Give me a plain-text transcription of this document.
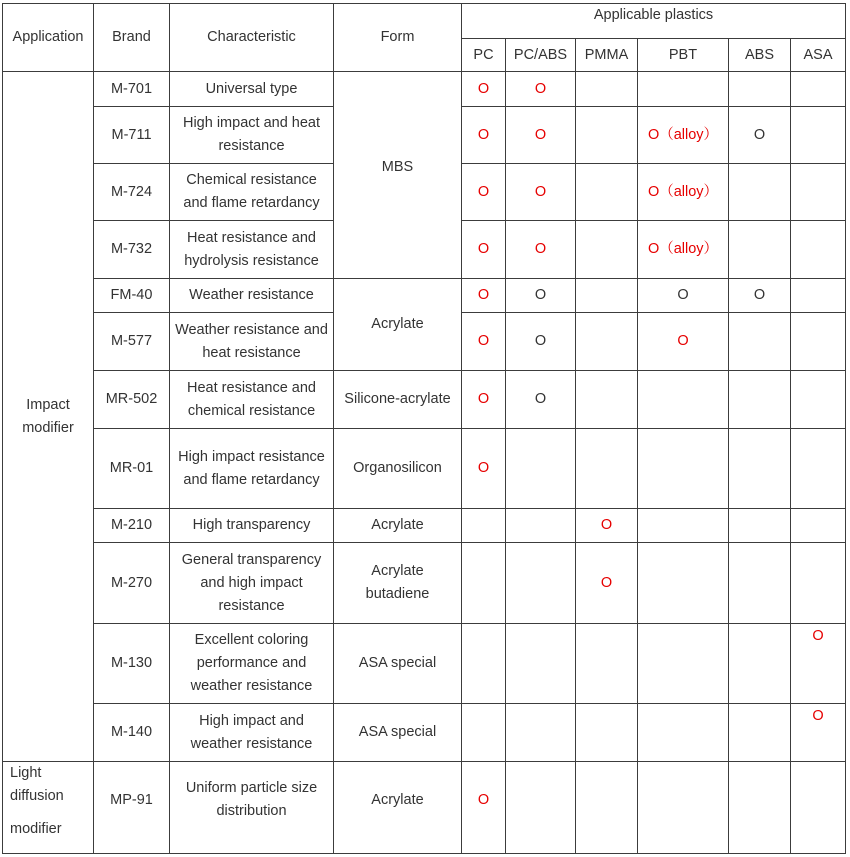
Application	Brand	Characteristic	Form	Applicable plastics					
				PC	PC/ABS	PMMA	PBT	ABS	ASA
Impact modifier	M-701	Universal type	MBS	O	O				
	M-711	High impact and heat resistance		O	O		O（alloy）	O	
	M-724	Chemical resistance and flame retardancy		O	O		O（alloy）		
	M-732	Heat resistance and hydrolysis resistance		O	O		O（alloy）		
	FM-40	Weather resistance	Acrylate	O	O		O	O	
	M-577	Weather resistance and heat resistance		O	O		O		
	MR-502	Heat resistance and chemical resistance	Silicone-acrylate	O	O				
	MR-01	High impact resistance and flame retardancy	Organosilicon	O					
	M-210	High transparency	Acrylate			O			
	M-270	General transparency and high impact resistance	Acrylate butadiene			O			
	M-130	Excellent coloring performance and weather resistance	ASA special						O
	M-140	High impact and weather resistance	ASA special						O

Light
diffusion
modifier	MP-91	Uniform particle size distribution	Acrylate	O					
